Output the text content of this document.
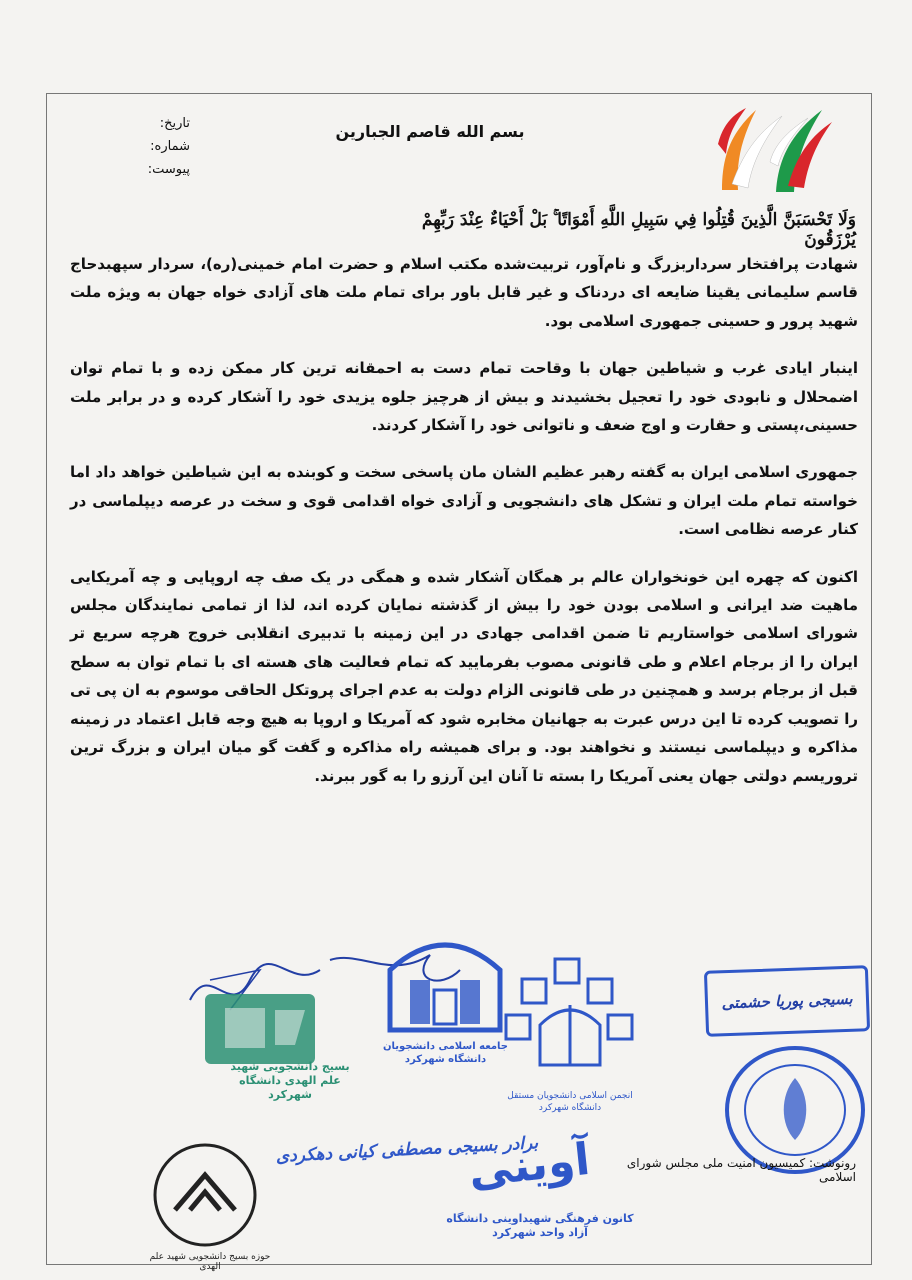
تاریخ:
شماره:
پیوست:
بسم الله قاصم الجبارین
وَلَا تَحْسَبَنَّ الَّذِينَ قُتِلُوا فِي سَبِيلِ اللَّهِ أَمْوَاتًا ۚ بَلْ أَحْيَاءٌ عِنْدَ رَبِّهِمْ يُرْزَقُونَ

شهادت پرافتخار سرداربزرگ و نام‌آور، تربیت‌شده مکتب اسلام و حضرت امام خمینی(ره)، سردار سپهبدحاج قاسم سلیمانی یقینا ضایعه ای دردناک و غیر قابل باور برای تمام ملت های آزادی خواه جهان به ویژه ملت شهید پرور و حسینی جمهوری اسلامی بود.

اینبار ایادی غرب و شیاطین جهان با وقاحت تمام دست به احمقانه ترین کار ممکن زده و با تمام توان اضمحلال و نابودی خود را تعجیل بخشیدند و بیش از هرچیز جلوه یزیدی خود را آشکار کرده و در برابر ملت حسینی،پستی و حقارت و اوج ضعف و ناتوانی خود را آشکار کردند.

جمهوری اسلامی ایران به گفته رهبر عظیم الشان مان پاسخی سخت و کوبنده به این شیاطین خواهد داد اما خواسته تمام ملت ایران و تشکل های دانشجویی و آزادی خواه اقدامی قوی و سخت در عرصه دیپلماسی در کنار عرصه نظامی است.

اکنون که چهره این خونخواران عالم بر همگان آشکار شده و همگی در یک صف چه اروپایی و چه آمریکایی ماهیت ضد ایرانی و اسلامی بودن خود را بیش از گذشته نمایان کرده اند، لذا از تمامی نمایندگان مجلس شورای اسلامی خواستاریم تا ضمن اقدامی جهادی در این زمینه با تدبیری انقلابی خروج هرچه سریع تر ایران را از برجام اعلام و طی قانونی مصوب بفرمایید که تمام فعالیت های هسته ای با تمام توان به سطح قبل از برجام برسد و همچنین در طی قانونی الزام دولت به عدم اجرای پروتکل الحاقی موسوم به ان پی تی را تصویب کرده تا این درس عبرت به جهانیان مخابره شود که آمریکا و اروپا به هیچ وجه قابل اعتماد در زمینه مذاکره و دیپلماسی نیستند و نخواهند بود. و برای همیشه راه مذاکره و گفت گو میان ایران و بزرگ ترین تروریسم دولتی جهان یعنی آمریکا را بسته تا آنان این آرزو را به گور ببرند.

بسیج دانشجویی شهید علم الهدی دانشگاه شهرکرد
جامعه اسلامی دانشجویان دانشگاه شهرکرد
انجمن اسلامی دانشجویان مستقل دانشگاه شهرکرد
بسیجی پوریا حشمتی
حوزه بسیج دانشجویی شهید علم الهدی
برادر بسیجی مصطفی کیانی دهکردی
آوینی
کانون فرهنگی شهیداوینی دانشگاه آزاد واحد شهرکرد
رونوشت: کمیسیون امنیت ملی مجلس شورای اسلامی
